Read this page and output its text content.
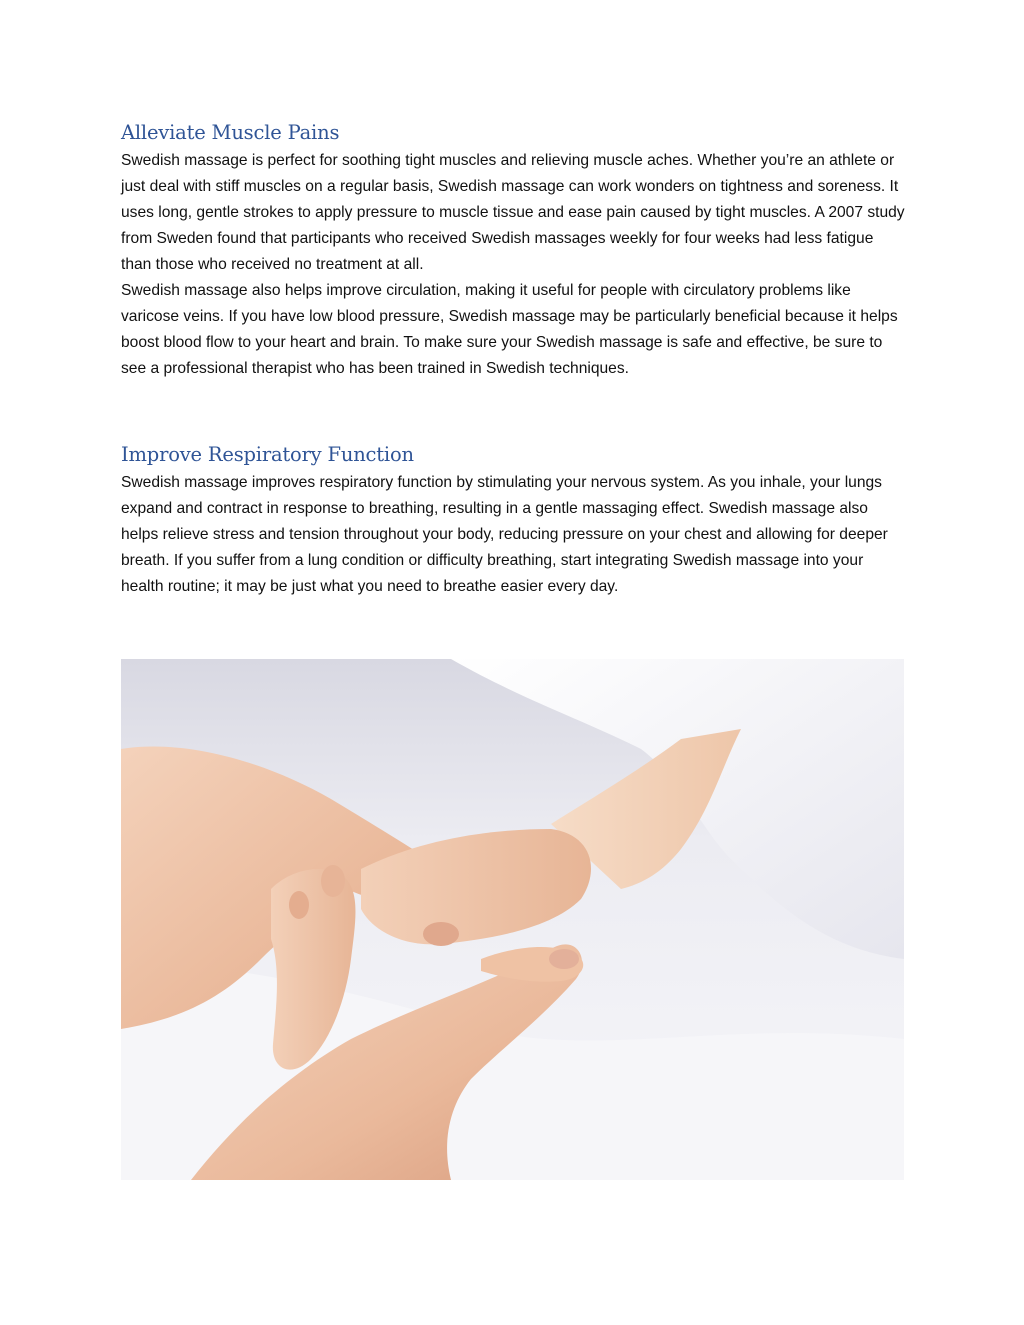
Alleviate Muscle Pains

Swedish massage is perfect for soothing tight muscles and relieving muscle aches. Whether you’re an athlete or just deal with stiff muscles on a regular basis, Swedish massage can work wonders on tightness and soreness. It uses long, gentle strokes to apply pressure to muscle tissue and ease pain caused by tight muscles. A 2007 study from Sweden found that participants who received Swedish massages weekly for four weeks had less fatigue than those who received no treatment at all.

Swedish massage also helps improve circulation, making it useful for people with circulatory problems like varicose veins. If you have low blood pressure, Swedish massage may be particularly beneficial because it helps boost blood flow to your heart and brain. To make sure your Swedish massage is safe and effective, be sure to see a professional therapist who has been trained in Swedish techniques.

Improve Respiratory Function

Swedish massage improves respiratory function by stimulating your nervous system. As you inhale, your lungs expand and contract in response to breathing, resulting in a gentle massaging effect. Swedish massage also helps relieve stress and tension throughout your body, reducing pressure on your chest and allowing for deeper breath. If you suffer from a lung condition or difficulty breathing, start integrating Swedish massage into your health routine; it may be just what you need to breathe easier every day.
